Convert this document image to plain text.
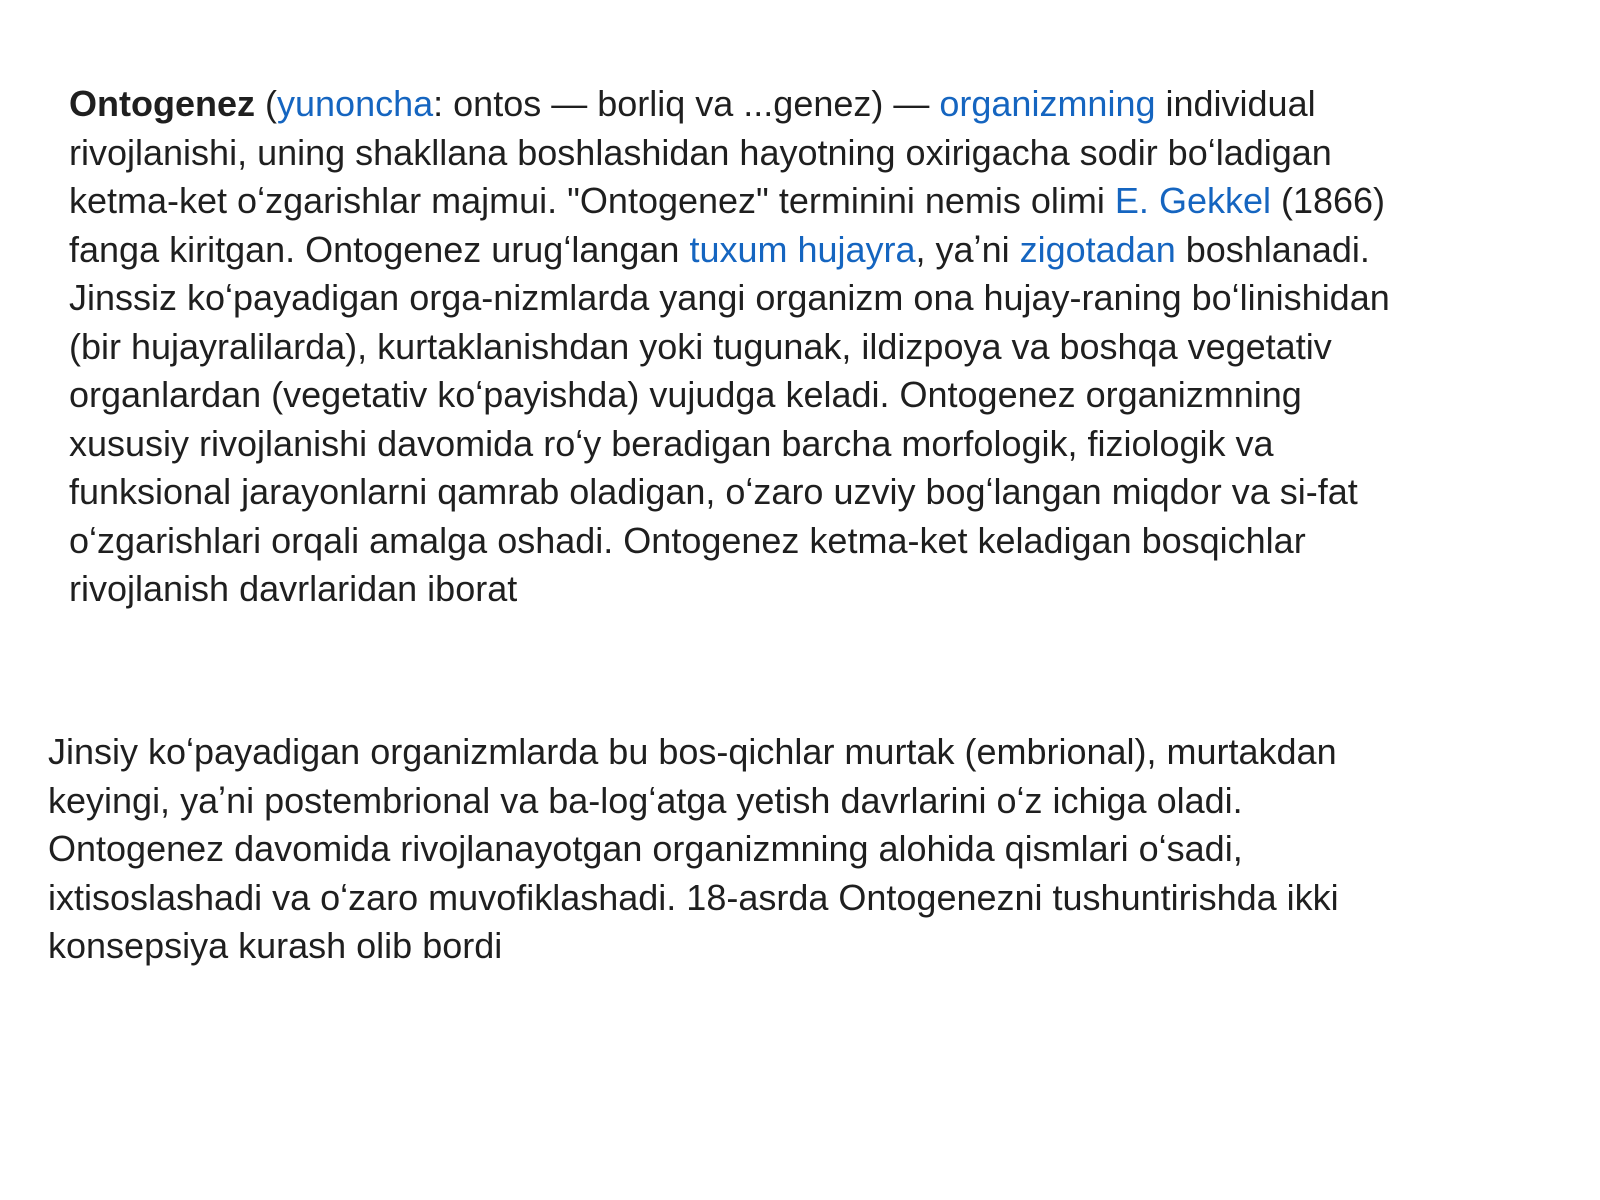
Ontogenez (yunoncha: ontos — borliq va ...genez) — organizmning individual
rivojlanishi, uning shakllana boshlashidan hayotning oxirigacha sodir boʻladigan
ketma-ket oʻzgarishlar majmui. "Ontogenez" terminini nemis olimi E. Gekkel (1866)
fanga kiritgan. Ontogenez urugʻlangan tuxum hujayra, yaʼni zigotadan boshlanadi.
Jinssiz koʻpayadigan orga-nizmlarda yangi organizm ona hujay-raning boʻlinishidan
(bir hujayralilarda), kurtaklanishdan yoki tugunak, ildizpoya va boshqa vegetativ
organlardan (vegetativ koʻpayishda) vujudga keladi. Ontogenez organizmning
xususiy rivojlanishi davomida roʻy beradigan barcha morfologik, fiziologik va
funksional jarayonlarni qamrab oladigan, oʻzaro uzviy bogʻlangan miqdor va si-fat
oʻzgarishlari orqali amalga oshadi. Ontogenez ketma-ket keladigan bosqichlar
rivojlanish davrlaridan iborat

Jinsiy koʻpayadigan organizmlarda bu bos-qichlar murtak (embrional), murtakdan
keyingi, yaʼni postembrional va ba-logʻatga yetish davrlarini oʻz ichiga oladi.
Ontogenez davomida rivojlanayotgan organizmning alohida qismlari oʻsadi,
ixtisoslashadi va oʻzaro muvofiklashadi. 18-asrda Ontogenezni tushuntirishda ikki
konsepsiya kurash olib bordi
